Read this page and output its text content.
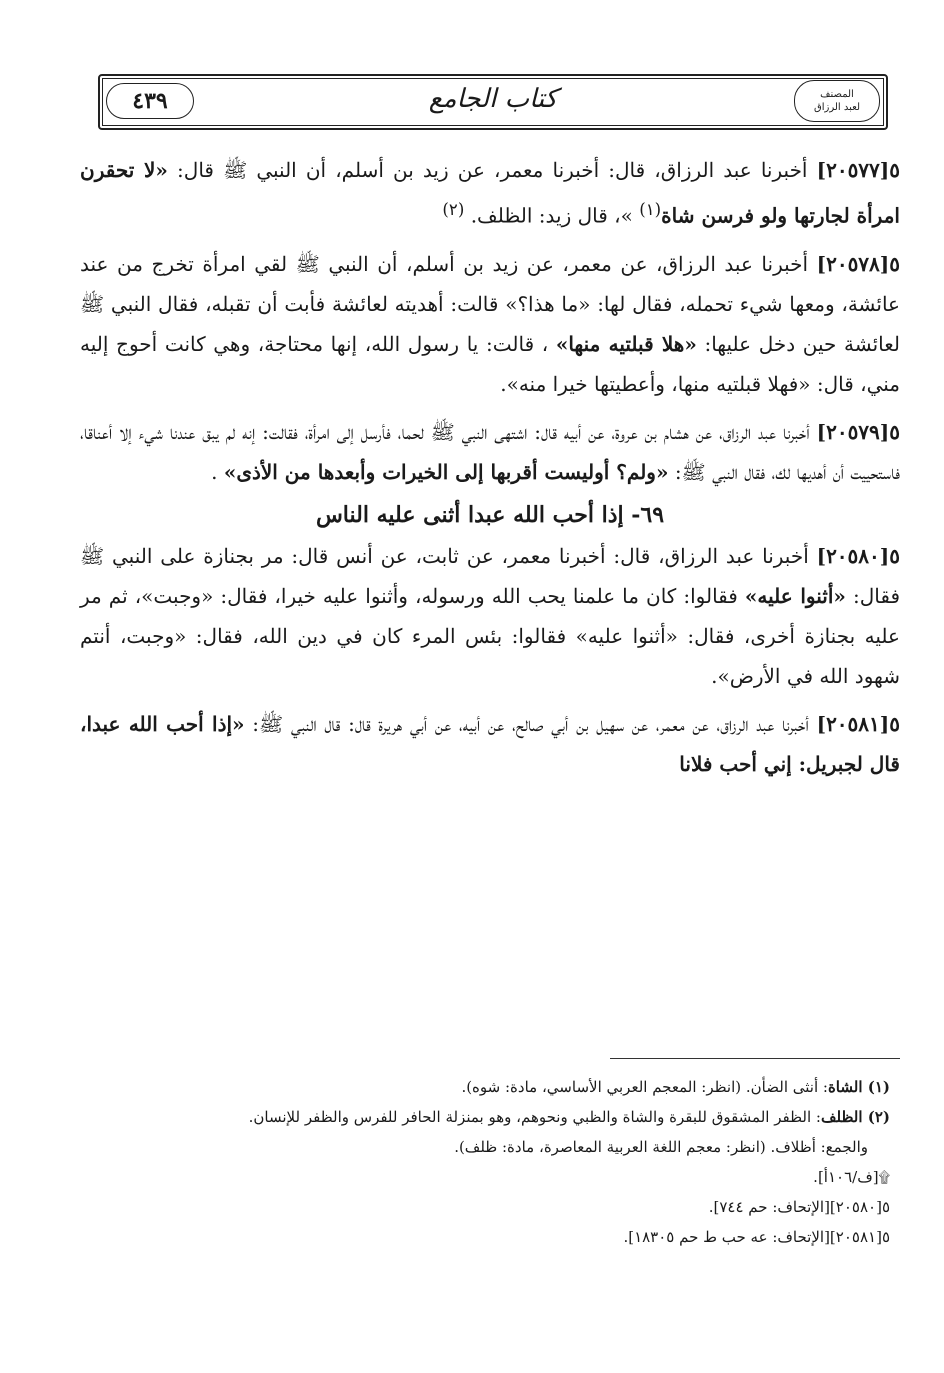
٤٣٩	كتاب الجامع	المصنف
لعبد الرزاق

٥[٢٠٥٧٧] أخبرنا عبد الرزاق، قال: أخبرنا معمر، عن زيد بن أسلم، أن النبي ﷺ قال: «لا تحقرن امرأة لجارتها ولو فرسن شاة$^{(١)}$ »، قال زيد: الظلف. $^{(٢)}$

٥[٢٠٥٧٨] أخبرنا عبد الرزاق، عن معمر، عن زيد بن أسلم، أن النبي ﷺ لقي امرأة تخرج من عند عائشة، ومعها شيء تحمله، فقال لها: «ما هذا؟» قالت: أهديته لعائشة فأبت أن تقبله، فقال النبي ﷺ لعائشة حين دخل عليها: «هلا قبلتيه منها» ، قالت: يا رسول الله، إنها محتاجة، وهي كانت أحوج إليه مني، قال: «فهلا قبلتيه منها، وأعطيتها خيرا منه».

٥[٢٠٥٧٩] أخبرنا عبد الرزاق، عن هشام بن عروة، عن أبيه قال: اشتهى النبي ﷺ لحما، فأرسل إلى امرأة، فقالت: إنه لم يبق عندنا شيء إلا أعناقا، فاستحييت أن أهديها لك، فقال النبي ﷺ: «ولم؟ أوليست أقربها إلى الخيرات وأبعدها من الأذى» .

٦٩- إذا أحب الله عبدا أثنى عليه الناس

٥[٢٠٥٨٠] أخبرنا عبد الرزاق، قال: أخبرنا معمر، عن ثابت، عن أنس قال: مر بجنازة على النبي ﷺ فقال: «أثنوا عليه» فقالوا: كان ما علمنا يحب الله ورسوله، وأثنوا عليه خيرا، فقال: «وجبت»، ثم مر عليه بجنازة أخرى، فقال: «أثنوا عليه» فقالوا: بئس المرء كان في دين الله، فقال: «وجبت، أنتم شهود الله في الأرض».

٥[٢٠٥٨١] أخبرنا عبد الرزاق، عن معمر، عن سهيل بن أبي صالح، عن أبيه، عن أبي هريرة قال: قال النبي ﷺ: «إذا أحب الله عبدا، قال لجبريل: إني أحب فلانا

(١) الشاة: أنثى الضأن. (انظر: المعجم العربي الأساسي، مادة: شوه).

(٢) الظلف: الظفر المشقوق للبقرة والشاة والظبي ونحوهم، وهو بمنزلة الحافر للفرس والظفر للإنسان.

والجمع: أظلاف. (انظر: معجم اللغة العربية المعاصرة، مادة: ظلف).

۩[ف/١٠٦أ].

٥[٢٠٥٨٠][الإتحاف: حم ٧٤٤].

٥[٢٠٥٨١][الإتحاف: عه حب ط حم ١٨٣٠٥].
